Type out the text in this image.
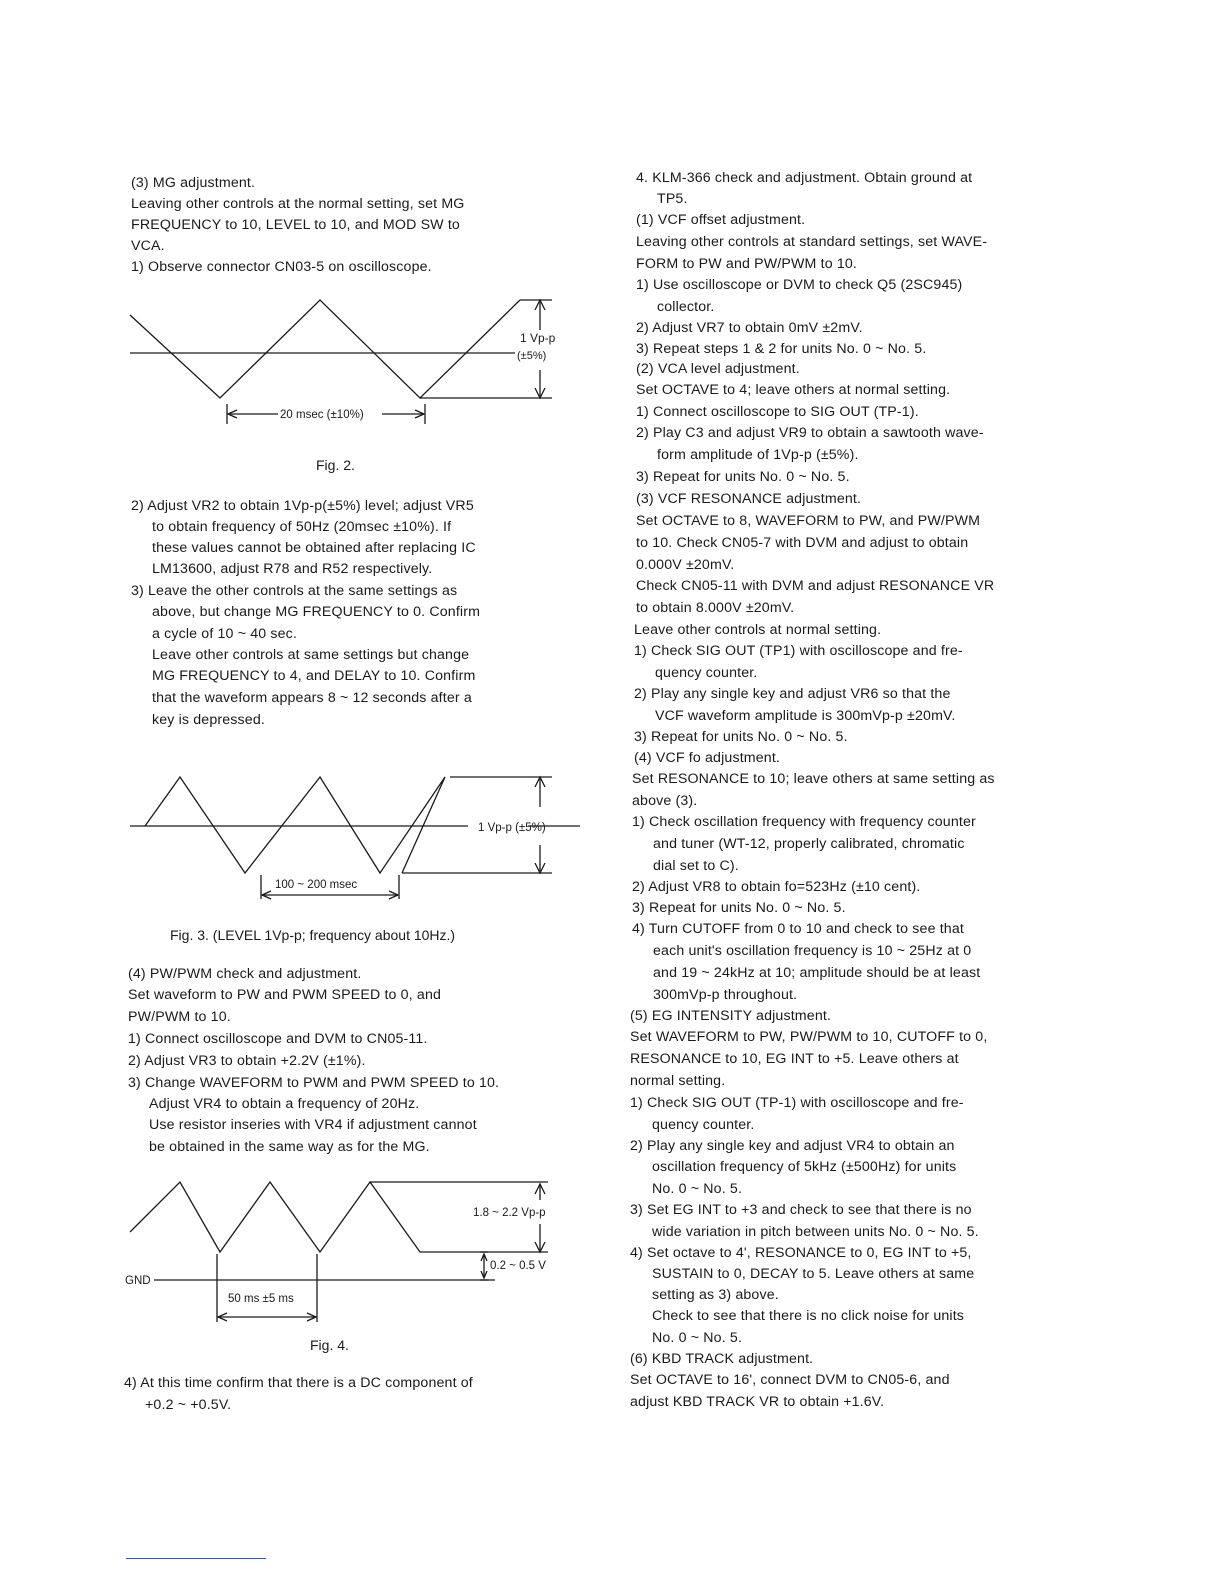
(3) MG adjustment.
Leaving other controls at the normal setting, set MG
FREQUENCY to 10, LEVEL to 10, and MOD SW to
VCA.
1) Observe connector CN03-5 on oscilloscope.
1 Vp-p
(±5%)
20 msec (±10%)
Fig. 2.
2) Adjust VR2 to obtain 1Vp-p(±5%) level; adjust VR5
to obtain frequency of 50Hz (20msec ±10%). If
these values cannot be obtained after replacing IC
LM13600, adjust R78 and R52 respectively.
3) Leave the other controls at the same settings as
above, but change MG FREQUENCY to 0. Confirm
a cycle of 10 ~ 40 sec.
Leave other controls at same settings but change
MG FREQUENCY to 4, and DELAY to 10. Confirm
that the waveform appears 8 ~ 12 seconds after a
key is depressed.
1 Vp-p (±5%)
100 ~ 200 msec
Fig. 3. (LEVEL 1Vp-p; frequency about 10Hz.)
(4) PW/PWM check and adjustment.
Set waveform to PW and PWM SPEED to 0, and
PW/PWM to 10.
1) Connect oscilloscope and DVM to CN05-11.
2) Adjust VR3 to obtain +2.2V (±1%).
3) Change WAVEFORM to PWM and PWM SPEED to 10.
Adjust VR4 to obtain a frequency of 20Hz.
Use resistor inseries with VR4 if adjustment cannot
be obtained in the same way as for the MG.
GND
1.8 ~ 2.2 Vp-p
0.2 ~ 0.5 V
50 ms ±5 ms
Fig. 4.
4) At this time confirm that there is a DC component of
+0.2 ~ +0.5V.
4. KLM-366 check and adjustment. Obtain ground at
TP5.
(1) VCF offset adjustment.
Leaving other controls at standard settings, set WAVE-
FORM to PW and PW/PWM to 10.
1) Use oscilloscope or DVM to check Q5 (2SC945)
collector.
2) Adjust VR7 to obtain 0mV ±2mV.
3) Repeat steps 1 & 2 for units No. 0 ~ No. 5.
(2) VCA level adjustment.
Set OCTAVE to 4; leave others at normal setting.
1) Connect oscilloscope to SIG OUT (TP-1).
2) Play C3 and adjust VR9 to obtain a sawtooth wave-
form amplitude of 1Vp-p (±5%).
3) Repeat for units No. 0 ~ No. 5.
(3) VCF RESONANCE adjustment.
Set OCTAVE to 8, WAVEFORM to PW, and PW/PWM
to 10. Check CN05-7 with DVM and adjust to obtain
0.000V ±20mV.
Check CN05-11 with DVM and adjust RESONANCE VR
to obtain 8.000V ±20mV.
Leave other controls at normal setting.
1) Check SIG OUT (TP1) with oscilloscope and fre-
quency counter.
2) Play any single key and adjust VR6 so that the
VCF waveform amplitude is 300mVp-p ±20mV.
3) Repeat for units No. 0 ~ No. 5.
(4) VCF fo adjustment.
Set RESONANCE to 10; leave others at same setting as
above (3).
1) Check oscillation frequency with frequency counter
and tuner (WT-12, properly calibrated, chromatic
dial set to C).
2) Adjust VR8 to obtain fo=523Hz (±10 cent).
3) Repeat for units No. 0 ~ No. 5.
4) Turn CUTOFF from 0 to 10 and check to see that
each unit's oscillation frequency is 10 ~ 25Hz at 0
and 19 ~ 24kHz at 10; amplitude should be at least
300mVp-p throughout.
(5) EG INTENSITY adjustment.
Set WAVEFORM to PW, PW/PWM to 10, CUTOFF to 0,
RESONANCE to 10, EG INT to +5. Leave others at
normal setting.
1) Check SIG OUT (TP-1) with oscilloscope and fre-
quency counter.
2) Play any single key and adjust VR4 to obtain an
oscillation frequency of 5kHz (±500Hz) for units
No. 0 ~ No. 5.
3) Set EG INT to +3 and check to see that there is no
wide variation in pitch between units No. 0 ~ No. 5.
4) Set octave to 4', RESONANCE to 0, EG INT to +5,
SUSTAIN to 0, DECAY to 5. Leave others at same
setting as 3) above.
Check to see that there is no click noise for units
No. 0 ~ No. 5.
(6) KBD TRACK adjustment.
Set OCTAVE to 16', connect DVM to CN05-6, and
adjust KBD TRACK VR to obtain +1.6V.
